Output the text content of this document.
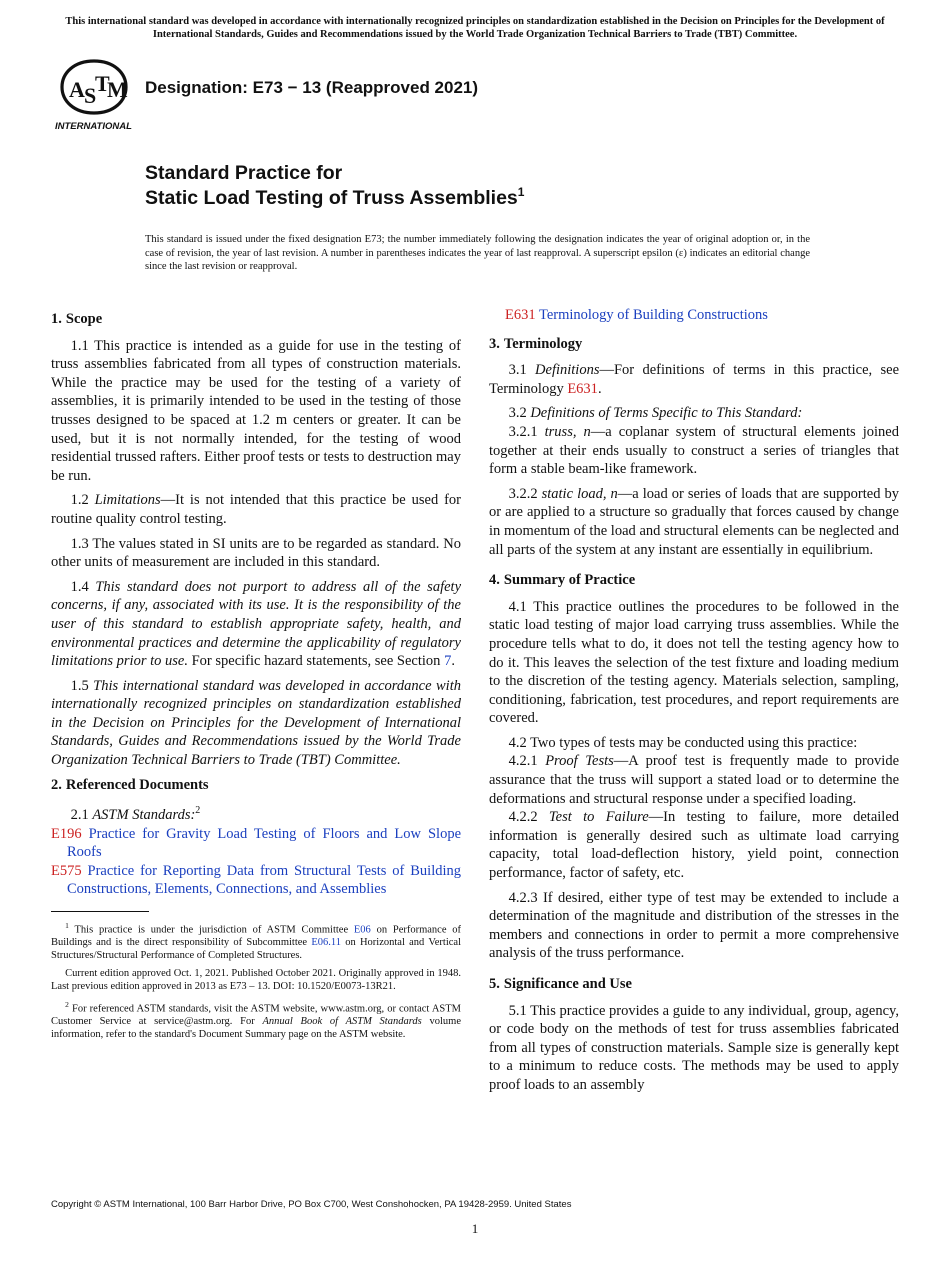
This international standard was developed in accordance with internationally recognized principles on standardization established in the Decision on Principles for the Development of International Standards, Guides and Recommendations issued by the World Trade Organization Technical Barriers to Trade (TBT) Committee.
A S
T
M
INTERNATIONAL
Designation: E73 − 13 (Reapproved 2021)
Standard Practice for
Static Load Testing of Truss Assemblies$^1$
This standard is issued under the fixed designation E73; the number immediately following the designation indicates the year of original adoption or, in the case of revision, the year of last revision. A number in parentheses indicates the year of last reapproval. A superscript epsilon (ε) indicates an editorial change since the last revision or reapproval.
1. Scope

1.1 This practice is intended as a guide for use in the testing of truss assemblies fabricated from all types of construction materials. While the practice may be used for the testing of a variety of assemblies, it is primarily intended to be used in the testing of those trusses designed to be spaced at 1.2 m centers or greater. It can be used, but it is not normally intended, for the testing of wood residential trussed rafters. Either proof tests or tests to destruction may be run.

1.2 Limitations—It is not intended that this practice be used for routine quality control testing.

1.3 The values stated in SI units are to be regarded as standard. No other units of measurement are included in this standard.

1.4 This standard does not purport to address all of the safety concerns, if any, associated with its use. It is the responsibility of the user of this standard to establish appropriate safety, health, and environmental practices and determine the applicability of regulatory limitations prior to use. For specific hazard statements, see Section 7.

1.5 This international standard was developed in accordance with internationally recognized principles on standardization established in the Decision on Principles for the Development of International Standards, Guides and Recommendations issued by the World Trade Organization Technical Barriers to Trade (TBT) Committee.

2. Referenced Documents

2.1 ASTM Standards:$^2$

E196 Practice for Gravity Load Testing of Floors and Low Slope Roofs
E575 Practice for Reporting Data from Structural Tests of Building Constructions, Elements, Connections, and Assemblies

$^1$ This practice is under the jurisdiction of ASTM Committee E06 on Performance of Buildings and is the direct responsibility of Subcommittee E06.11 on Horizontal and Vertical Structures/Structural Performance of Completed Structures.

Current edition approved Oct. 1, 2021. Published October 2021. Originally approved in 1948. Last previous edition approved in 2013 as E73 – 13. DOI: 10.1520/E0073-13R21.

$^2$ For referenced ASTM standards, visit the ASTM website, www.astm.org, or contact ASTM Customer Service at service@astm.org. For Annual Book of ASTM Standards volume information, refer to the standard's Document Summary page on the ASTM website.

E631 Terminology of Building Constructions
3. Terminology

3.1 Definitions—For definitions of terms in this practice, see Terminology E631.

3.2 Definitions of Terms Specific to This Standard:

3.2.1 truss, n—a coplanar system of structural elements joined together at their ends usually to construct a series of triangles that form a stable beam-like framework.

3.2.2 static load, n—a load or series of loads that are supported by or are applied to a structure so gradually that forces caused by change in momentum of the load and structural elements can be neglected and all parts of the system at any instant are essentially in equilibrium.

4. Summary of Practice

4.1 This practice outlines the procedures to be followed in the static load testing of major load carrying truss assemblies. While the procedure tells what to do, it does not tell the testing agency how to do it. This leaves the selection of the test fixture and loading medium to the discretion of the testing agency. Materials selection, sampling, conditioning, fabrication, test procedures, and report requirements are covered.

4.2 Two types of tests may be conducted using this practice:

4.2.1 Proof Tests—A proof test is frequently made to provide assurance that the truss will support a stated load or to determine the deformations and structural response under a specified loading.

4.2.2 Test to Failure—In testing to failure, more detailed information is generally desired such as ultimate load carrying capacity, total load-deflection history, yield point, connection performance, factor of safety, etc.

4.2.3 If desired, either type of test may be extended to include a determination of the magnitude and distribution of the stresses in the members and connections in order to permit a more comprehensive analysis of the truss performance.

5. Significance and Use

5.1 This practice provides a guide to any individual, group, agency, or code body on the methods of test for truss assemblies fabricated from all types of construction materials. Sample size is generally kept to a minimum to reduce costs. The methods may be used to apply proof loads to an assembly

Copyright © ASTM International, 100 Barr Harbor Drive, PO Box C700, West Conshohocken, PA 19428-2959. United States
1
